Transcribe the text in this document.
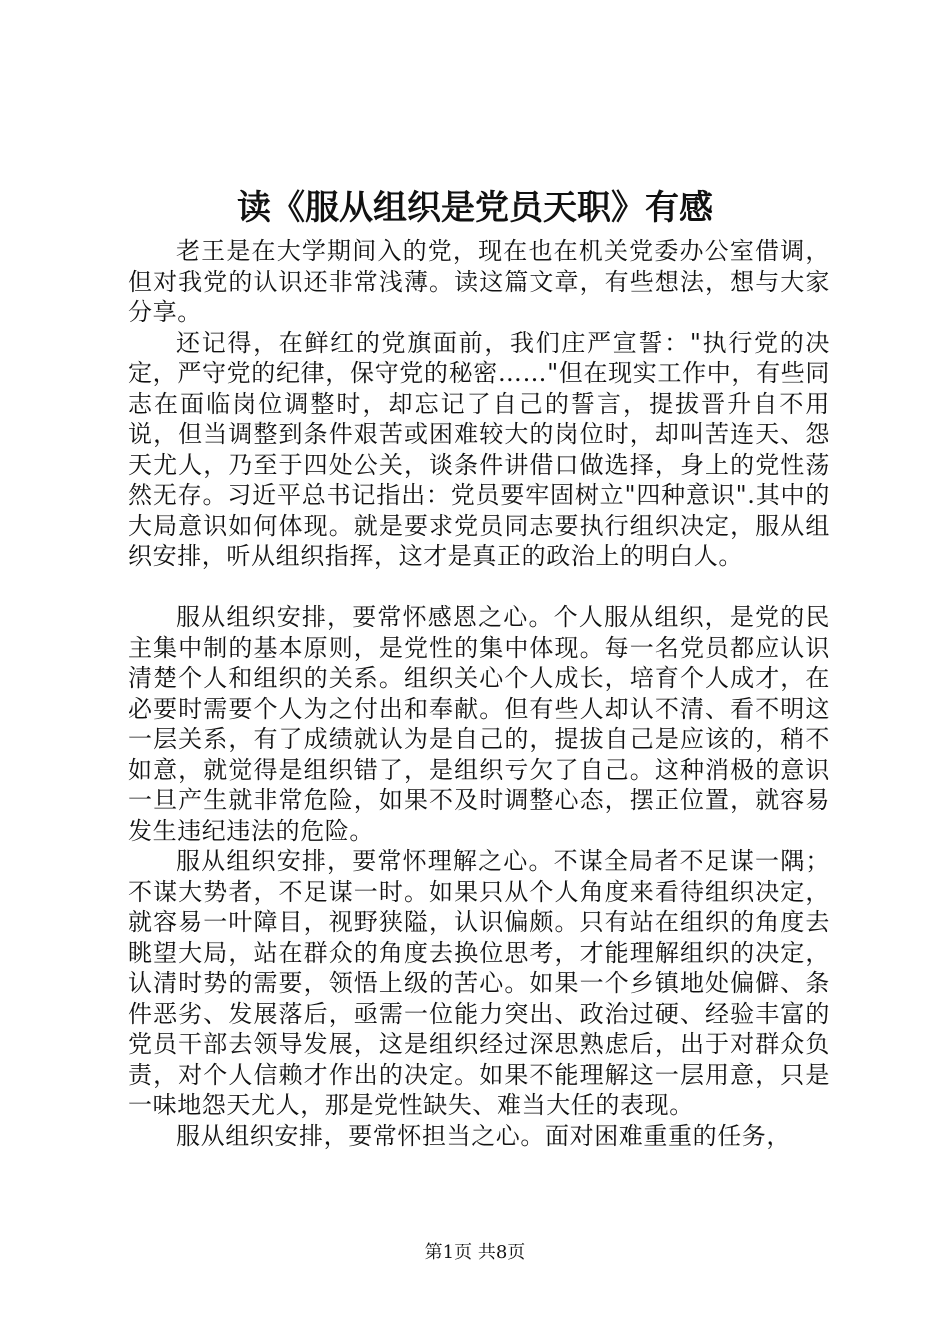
读《服从组织是党员天职》有感

老王是在大学期间入的党，现在也在机关党委办公室借调，但对我党的认识还非常浅薄。读这篇文章，有些想法，想与大家分享。

还记得，在鲜红的党旗面前，我们庄严宣誓："执行党的决定，严守党的纪律，保守党的秘密……"但在现实工作中，有些同志在面临岗位调整时，却忘记了自己的誓言，提拔晋升自不用说，但当调整到条件艰苦或困难较大的岗位时，却叫苦连天、怨天尤人，乃至于四处公关，谈条件讲借口做选择，身上的党性荡然无存。习近平总书记指出：党员要牢固树立"四种意识".其中的大局意识如何体现。就是要求党员同志要执行组织决定，服从组织安排，听从组织指挥，这才是真正的政治上的明白人。

服从组织安排，要常怀感恩之心。个人服从组织，是党的民主集中制的基本原则，是党性的集中体现。每一名党员都应认识清楚个人和组织的关系。组织关心个人成长，培育个人成才，在必要时需要个人为之付出和奉献。但有些人却认不清、看不明这一层关系，有了成绩就认为是自己的，提拔自己是应该的，稍不如意，就觉得是组织错了，是组织亏欠了自己。这种消极的意识一旦产生就非常危险，如果不及时调整心态，摆正位置，就容易发生违纪违法的危险。

服从组织安排，要常怀理解之心。不谋全局者不足谋一隅；不谋大势者，不足谋一时。如果只从个人角度来看待组织决定，就容易一叶障目，视野狭隘，认识偏颇。只有站在组织的角度去眺望大局，站在群众的角度去换位思考，才能理解组织的决定，认清时势的需要，领悟上级的苦心。如果一个乡镇地处偏僻、条件恶劣、发展落后，亟需一位能力突出、政治过硬、经验丰富的党员干部去领导发展，这是组织经过深思熟虑后，出于对群众负责，对个人信赖才作出的决定。如果不能理解这一层用意，只是一味地怨天尤人，那是党性缺失、难当大任的表现。

服从组织安排，要常怀担当之心。面对困难重重的任务，

第1页 共8页
